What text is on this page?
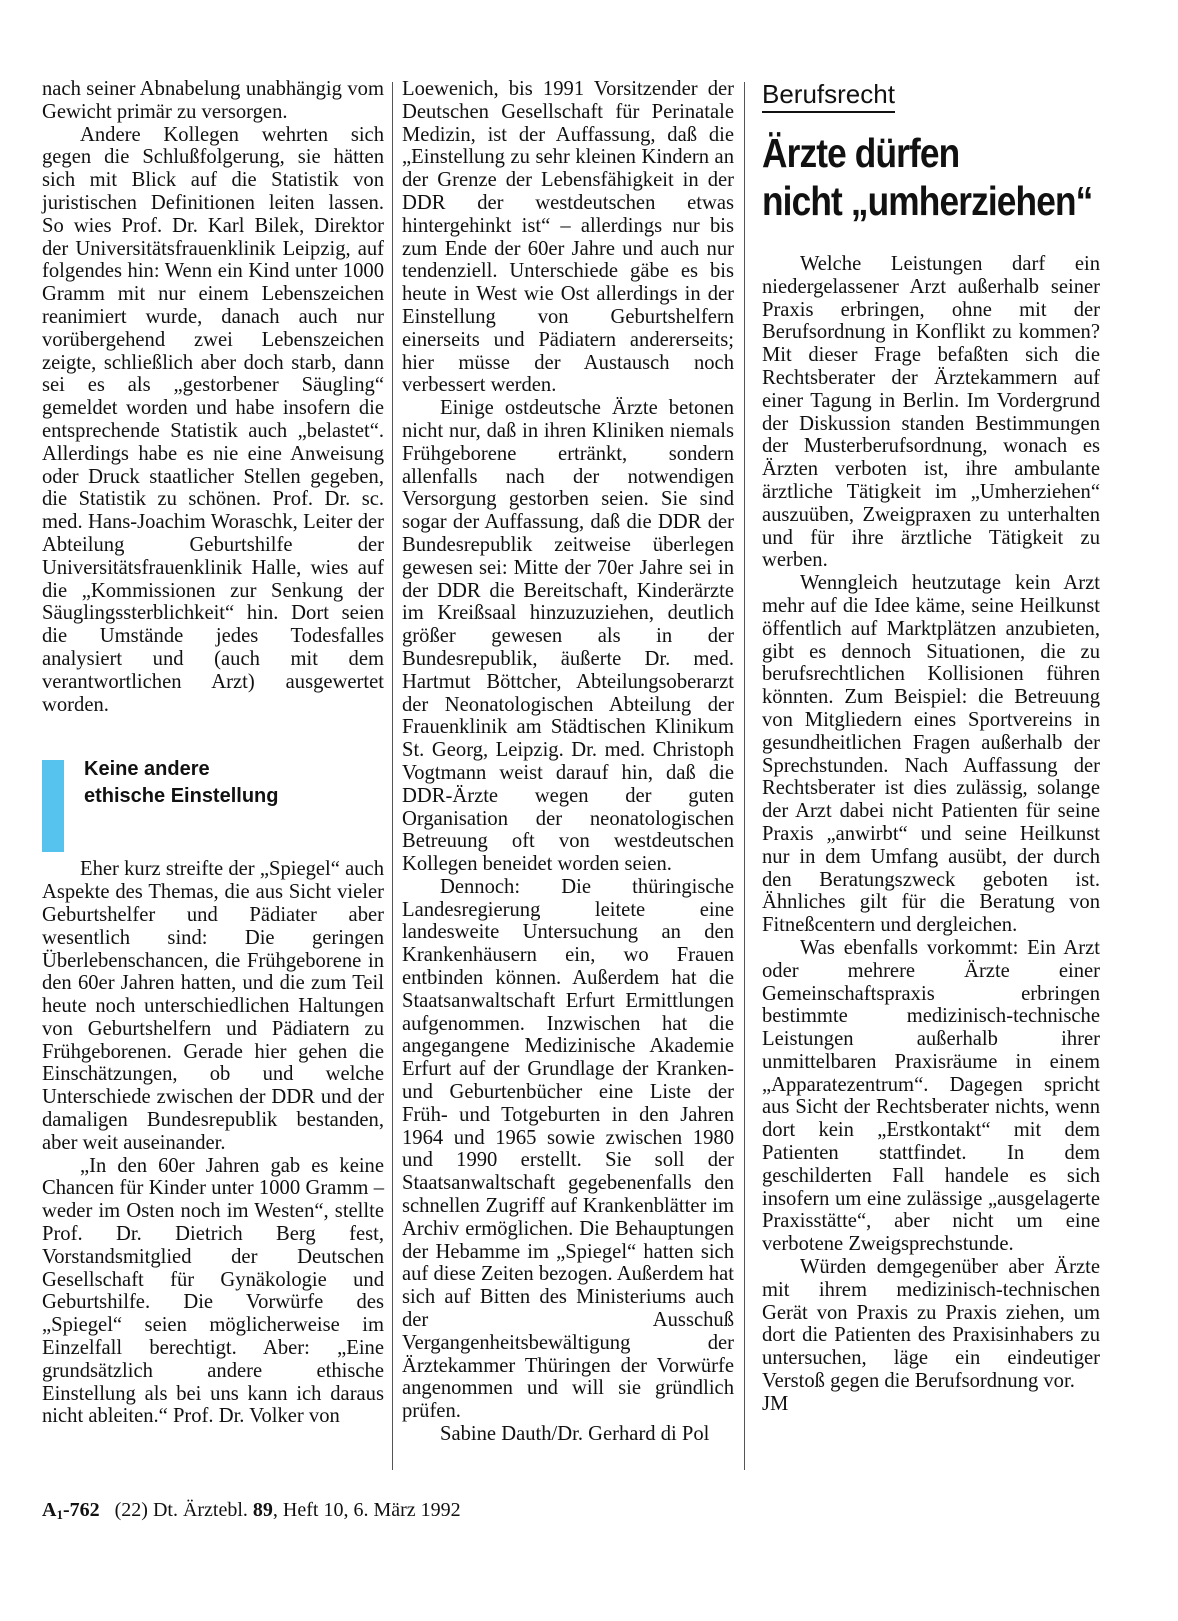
nach seiner Abnabelung unabhängig vom Gewicht primär zu versorgen.

Andere Kollegen wehrten sich gegen die Schlußfolgerung, sie hätten sich mit Blick auf die Statistik von juristischen Definitionen leiten lassen. So wies Prof. Dr. Karl Bilek, Direktor der Universitätsfrauenklinik Leipzig, auf folgendes hin: Wenn ein Kind unter 1000 Gramm mit nur einem Lebenszeichen reanimiert wurde, danach auch nur vorübergehend zwei Lebenszeichen zeigte, schließlich aber doch starb, dann sei es als „gestorbener Säugling“ gemeldet worden und habe insofern die entsprechende Statistik auch „belastet“. Allerdings habe es nie eine Anweisung oder Druck staatlicher Stellen gegeben, die Statistik zu schönen. Prof. Dr. sc. med. Hans-Joachim Woraschk, Leiter der Abteilung Geburtshilfe der Universitätsfrauenklinik Halle, wies auf die „Kommissionen zur Senkung der Säuglingssterblichkeit“ hin. Dort seien die Umstände jedes Todesfalles analysiert und (auch mit dem verantwortlichen Arzt) ausgewertet worden.

Keine andere
ethische Einstellung

Eher kurz streifte der „Spiegel“ auch Aspekte des Themas, die aus Sicht vieler Geburtshelfer und Pädiater aber wesentlich sind: Die geringen Überlebenschancen, die Frühgeborene in den 60er Jahren hatten, und die zum Teil heute noch unterschiedlichen Haltungen von Geburtshelfern und Pädiatern zu Frühgeborenen. Gerade hier gehen die Einschätzungen, ob und welche Unterschiede zwischen der DDR und der damaligen Bundesrepublik bestanden, aber weit auseinander.

„In den 60er Jahren gab es keine Chancen für Kinder unter 1000 Gramm – weder im Osten noch im Westen“, stellte Prof. Dr. Dietrich Berg fest, Vorstandsmitglied der Deutschen Gesellschaft für Gynäkologie und Geburtshilfe. Die Vorwürfe des „Spiegel“ seien möglicherweise im Einzelfall berechtigt. Aber: „Eine grundsätzlich andere ethische Einstellung als bei uns kann ich daraus nicht ableiten.“ Prof. Dr. Volker von

Loewenich, bis 1991 Vorsitzender der Deutschen Gesellschaft für Perinatale Medizin, ist der Auffassung, daß die „Einstellung zu sehr kleinen Kindern an der Grenze der Lebensfähigkeit in der DDR der westdeutschen etwas hintergehinkt ist“ – allerdings nur bis zum Ende der 60er Jahre und auch nur tendenziell. Unterschiede gäbe es bis heute in West wie Ost allerdings in der Einstellung von Geburtshelfern einerseits und Pädiatern andererseits; hier müsse der Austausch noch verbessert werden.

Einige ostdeutsche Ärzte betonen nicht nur, daß in ihren Kliniken niemals Frühgeborene ertränkt, sondern allenfalls nach der notwendigen Versorgung gestorben seien. Sie sind sogar der Auffassung, daß die DDR der Bundesrepublik zeitweise überlegen gewesen sei: Mitte der 70er Jahre sei in der DDR die Bereitschaft, Kinderärzte im Kreißsaal hinzuzuziehen, deutlich größer gewesen als in der Bundesrepublik, äußerte Dr. med. Hartmut Böttcher, Abteilungsoberarzt der Neonatologischen Abteilung der Frauenklinik am Städtischen Klinikum St. Georg, Leipzig. Dr. med. Christoph Vogtmann weist darauf hin, daß die DDR-Ärzte wegen der guten Organisation der neonatologischen Betreuung oft von westdeutschen Kollegen beneidet worden seien.

Dennoch: Die thüringische Landesregierung leitete eine landesweite Untersuchung an den Krankenhäusern ein, wo Frauen entbinden können. Außerdem hat die Staatsanwaltschaft Erfurt Ermittlungen aufgenommen. Inzwischen hat die angegangene Medizinische Akademie Erfurt auf der Grundlage der Kranken- und Geburtenbücher eine Liste der Früh- und Totgeburten in den Jahren 1964 und 1965 sowie zwischen 1980 und 1990 erstellt. Sie soll der Staatsanwaltschaft gegebenenfalls den schnellen Zugriff auf Krankenblätter im Archiv ermöglichen. Die Behauptungen der Hebamme im „Spiegel“ hatten sich auf diese Zeiten bezogen. Außerdem hat sich auf Bitten des Ministeriums auch der Ausschuß Vergangenheitsbewältigung der Ärztekammer Thüringen der Vorwürfe angenommen und will sie gründlich prüfen.

Sabine Dauth/Dr. Gerhard di Pol

Berufsrecht
Ärzte dürfen
nicht „umherziehen“

Welche Leistungen darf ein niedergelassener Arzt außerhalb seiner Praxis erbringen, ohne mit der Berufsordnung in Konflikt zu kommen? Mit dieser Frage befaßten sich die Rechtsberater der Ärztekammern auf einer Tagung in Berlin. Im Vordergrund der Diskussion standen Bestimmungen der Musterberufsordnung, wonach es Ärzten verboten ist, ihre ambulante ärztliche Tätigkeit im „Umherziehen“ auszuüben, Zweigpraxen zu unterhalten und für ihre ärztliche Tätigkeit zu werben.

Wenngleich heutzutage kein Arzt mehr auf die Idee käme, seine Heilkunst öffentlich auf Marktplätzen anzubieten, gibt es dennoch Situationen, die zu berufsrechtlichen Kollisionen führen könnten. Zum Beispiel: die Betreuung von Mitgliedern eines Sportvereins in gesundheitlichen Fragen außerhalb der Sprechstunden. Nach Auffassung der Rechtsberater ist dies zulässig, solange der Arzt dabei nicht Patienten für seine Praxis „anwirbt“ und seine Heilkunst nur in dem Umfang ausübt, der durch den Beratungszweck geboten ist. Ähnliches gilt für die Beratung von Fitneßcentern und dergleichen.

Was ebenfalls vorkommt: Ein Arzt oder mehrere Ärzte einer Gemeinschaftspraxis erbringen bestimmte medizinisch-technische Leistungen außerhalb ihrer unmittelbaren Praxisräume in einem „Apparatezentrum“. Dagegen spricht aus Sicht der Rechtsberater nichts, wenn dort kein „Erstkontakt“ mit dem Patienten stattfindet. In dem geschilderten Fall handele es sich insofern um eine zulässige „ausgelagerte Praxisstätte“, aber nicht um eine verbotene Zweigsprechstunde.

Würden demgegenüber aber Ärzte mit ihrem medizinisch-technischen Gerät von Praxis zu Praxis ziehen, um dort die Patienten des Praxisinhabers zu untersuchen, läge ein eindeutiger Verstoß gegen die Berufsordnung vor.

JM

$A_1-762$ (22) Dt. Ärztebl. 89, Heft 10, 6. März 1992
